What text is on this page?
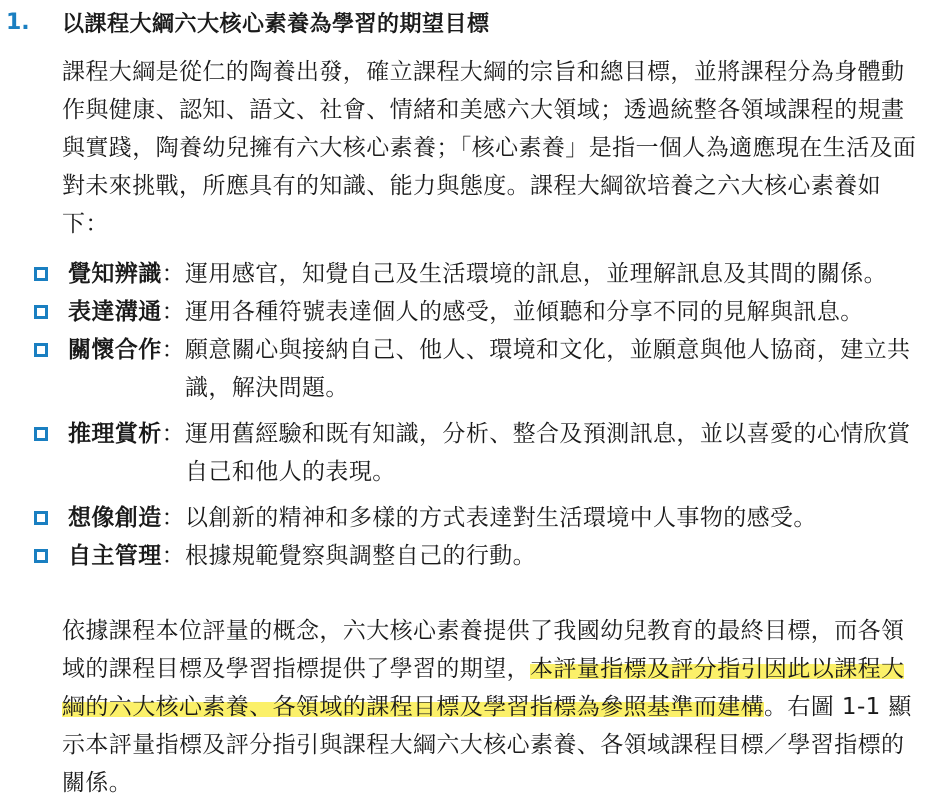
1.	以課程大綱六大核心素養為學習的期望目標

課程大綱是從仁的陶養出發，確立課程大綱的宗旨和總目標，並將課程分為身體動作與健康、認知、語文、社會、情緒和美感六大領域；透過統整各領域課程的規畫與實踐，陶養幼兒擁有六大核心素養；「核心素養」是指一個人為適應現在生活及面對未來挑戰，所應具有的知識、能力與態度。課程大綱欲培養之六大核心素養如下：

覺知辨識 ： 運用感官，知覺自己及生活環境的訊息，並理解訊息及其間的關係。
表達溝通 ： 運用各種符號表達個人的感受，並傾聽和分享不同的見解與訊息。
關懷合作 ： 願意關心與接納自己、他人、環境和文化，並願意與他人協商，建立共識，解決問題。
推理賞析 ： 運用舊經驗和既有知識，分析、整合及預測訊息，並以喜愛的心情欣賞自己和他人的表現。
想像創造 ： 以創新的精神和多樣的方式表達對生活環境中人事物的感受。
自主管理 ： 根據規範覺察與調整自己的行動。

依據課程本位評量的概念，六大核心素養提供了我國幼兒教育的最終目標，而各領域的課程目標及學習指標提供了學習的期望，本評量指標及評分指引因此以課程大綱的六大核心素養、各領域的課程目標及學習指標為參照基準而建構。右圖 1-1 顯示本評量指標及評分指引與課程大綱六大核心素養、各領域課程目標／學習指標的關係。
